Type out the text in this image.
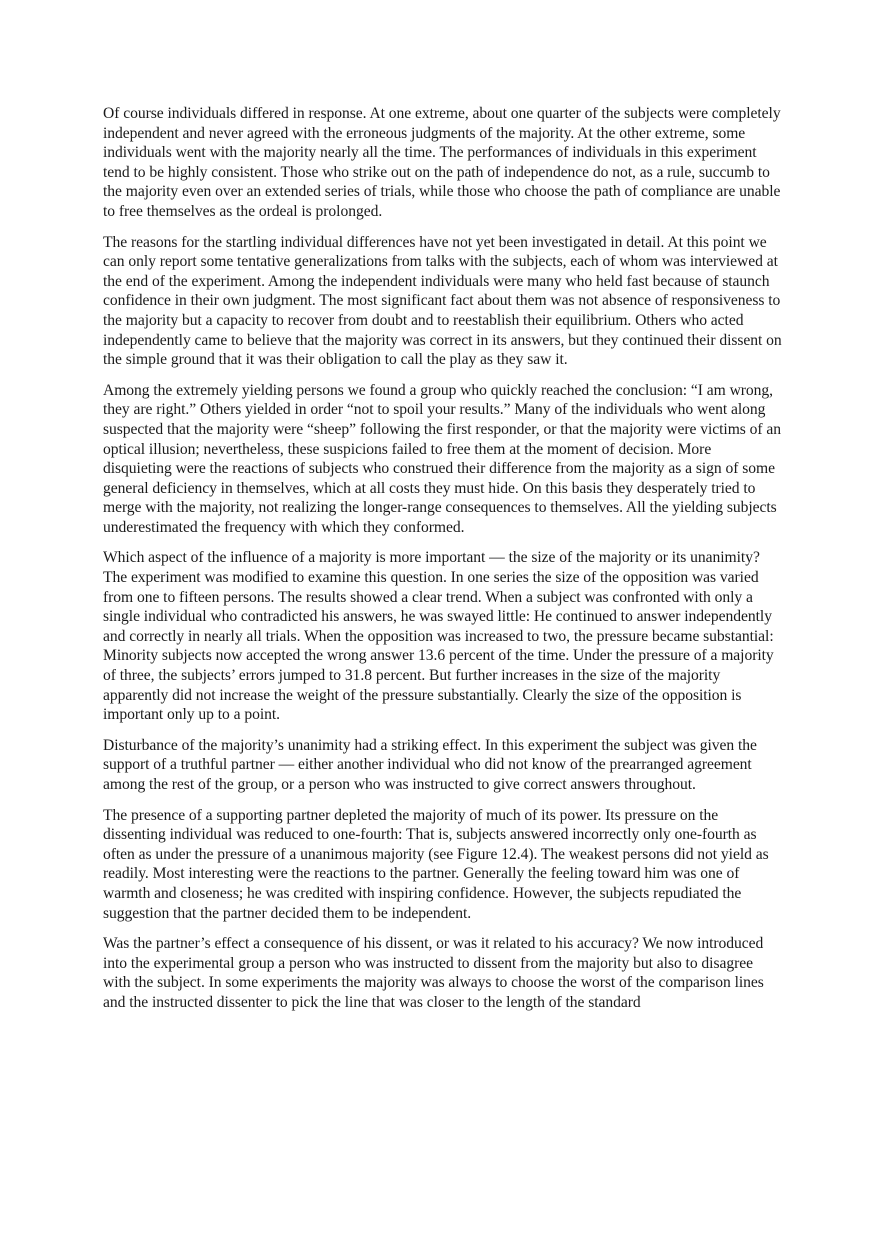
Of course individuals differed in response. At one extreme, about one quarter of the subjects were completely independent and never agreed with the erroneous judgments of the majority. At the other extreme, some individuals went with the majority nearly all the time. The performances of individuals in this experiment tend to be highly consistent. Those who strike out on the path of independence do not, as a rule, succumb to the majority even over an extended series of trials, while those who choose the path of compliance are unable to free themselves as the ordeal is prolonged.

The reasons for the startling individual differences have not yet been investigated in detail. At this point we can only report some tentative generalizations from talks with the subjects, each of whom was interviewed at the end of the experiment. Among the independent individuals were many who held fast because of staunch confidence in their own judgment. The most significant fact about them was not absence of responsiveness to the majority but a capacity to recover from doubt and to reestablish their equilibrium. Others who acted independently came to believe that the majority was correct in its answers, but they continued their dissent on the simple ground that it was their obligation to call the play as they saw it.

Among the extremely yielding persons we found a group who quickly reached the conclusion: “I am wrong, they are right.” Others yielded in order “not to spoil your results.” Many of the individuals who went along suspected that the majority were “sheep” following the first responder, or that the majority were victims of an optical illusion; nevertheless, these suspicions failed to free them at the moment of decision. More disquieting were the reactions of subjects who construed their difference from the majority as a sign of some general deficiency in themselves, which at all costs they must hide. On this basis they desperately tried to merge with the majority, not realizing the longer-range consequences to themselves. All the yielding subjects underestimated the frequency with which they conformed.

Which aspect of the influence of a majority is more important — the size of the majority or its unanimity? The experiment was modified to examine this question. In one series the size of the opposition was varied from one to fifteen persons. The results showed a clear trend. When a subject was confronted with only a single individual who contradicted his answers, he was swayed little: He continued to answer independently and correctly in nearly all trials. When the opposition was increased to two, the pressure became substantial: Minority subjects now accepted the wrong answer 13.6 percent of the time. Under the pressure of a majority of three, the subjects’ errors jumped to 31.8 percent. But further increases in the size of the majority apparently did not increase the weight of the pressure substantially. Clearly the size of the opposition is important only up to a point.

Disturbance of the majority’s unanimity had a striking effect. In this experiment the subject was given the support of a truthful partner — either another individual who did not know of the prearranged agreement among the rest of the group, or a person who was instructed to give correct answers throughout.

The presence of a supporting partner depleted the majority of much of its power. Its pressure on the dissenting individual was reduced to one-fourth: That is, subjects answered incorrectly only one-fourth as often as under the pressure of a unanimous majority (see Figure 12.4). The weakest persons did not yield as readily. Most interesting were the reactions to the partner. Generally the feeling toward him was one of warmth and closeness; he was credited with inspiring confidence. However, the subjects repudiated the suggestion that the partner decided them to be independent.

Was the partner’s effect a consequence of his dissent, or was it related to his accuracy? We now introduced into the experimental group a person who was instructed to dissent from the majority but also to disagree with the subject. In some experiments the majority was always to choose the worst of the comparison lines and the instructed dissenter to pick the line that was closer to the length of the standard
